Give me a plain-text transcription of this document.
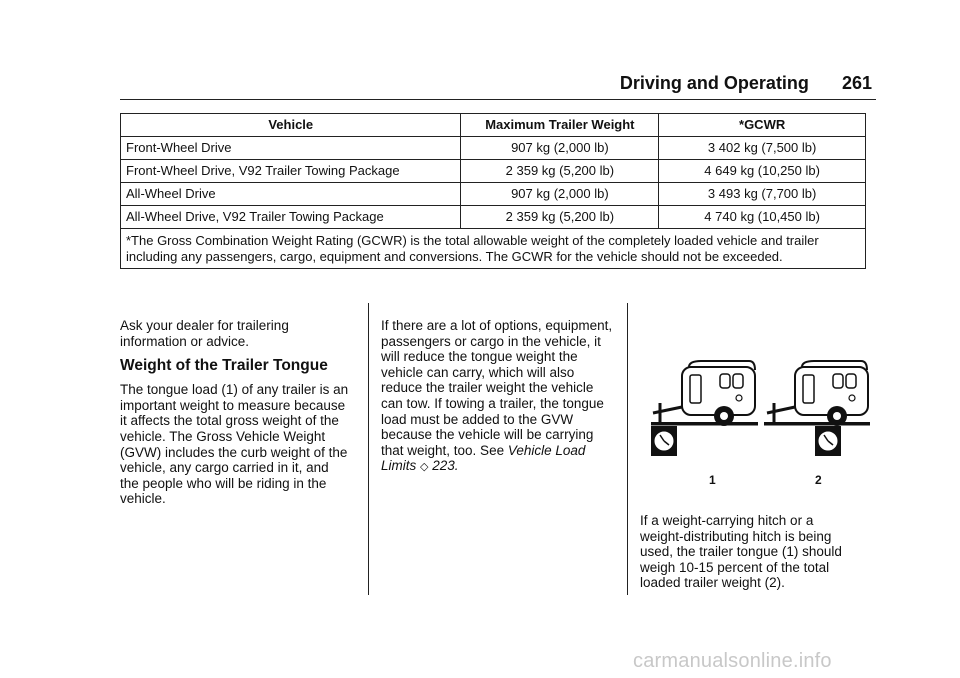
Driving and Operating 261
Vehicle	Maximum Trailer Weight	*GCWR
Front-Wheel Drive	907 kg (2,000 lb)	3 402 kg (7,500 lb)
Front-Wheel Drive, V92 Trailer Towing Package	2 359 kg (5,200 lb)	4 649 kg (10,250 lb)
All-Wheel Drive	907 kg (2,000 lb)	3 493 kg (7,700 lb)
All-Wheel Drive, V92 Trailer Towing Package	2 359 kg (5,200 lb)	4 740 kg (10,450 lb)
*The Gross Combination Weight Rating (GCWR) is the total allowable weight of the completely loaded vehicle and trailer including any passengers, cargo, equipment and conversions. The GCWR for the vehicle should not be exceeded.		

Ask your dealer for trailering information or advice.

Weight of the Trailer Tongue

The tongue load (1) of any trailer is an important weight to measure because it affects the total gross weight of the vehicle. The Gross Vehicle Weight (GVW) includes the curb weight of the vehicle, any cargo carried in it, and the people who will be riding in the vehicle.

If there are a lot of options, equipment, passengers or cargo in the vehicle, it will reduce the tongue weight the vehicle can carry, which will also reduce the trailer weight the vehicle can tow. If towing a trailer, the tongue load must be added to the GVW because the vehicle will be carrying that weight, too. See Vehicle Load Limits ◇ 223.

1	2

If a weight-carrying hitch or a weight-distributing hitch is being used, the trailer tongue (1) should weigh 10-15 percent of the total loaded trailer weight (2).

carmanualsonline.info
